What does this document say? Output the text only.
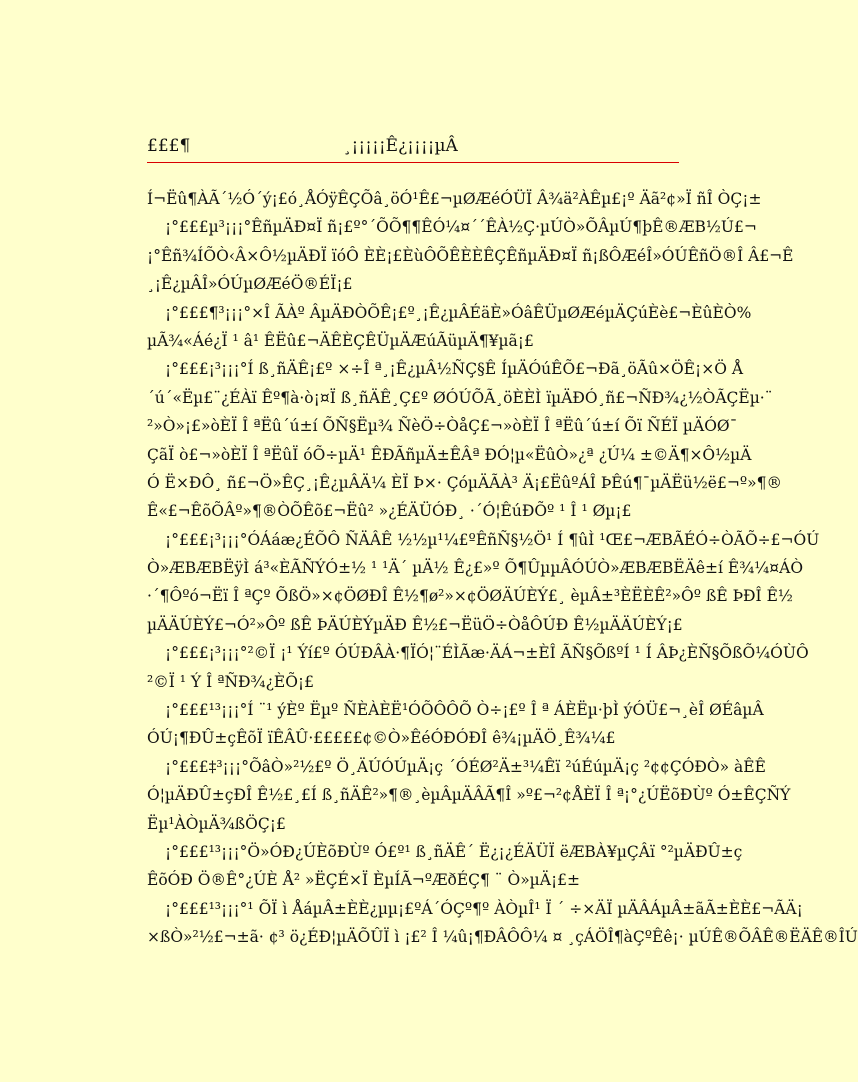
£££¶	¸¡¡¡¡¡Ê¿¡¡¡¡µÂ
Í¬Ëû¶ÀÃ´½Ó´ý¡£ó¸ÅÓÿÊÇÕâ¸öÓ¹Ê£¬µØÆéÓÜÏ Â¾ä²ÀÊµ£¡º Äã²¢»Ï ñÎ ÒÇ¡±
¡°£££µ³¡¡¡°ÊñµÄÐ¤Ï ñ¡£º°´ÕÕ¶¶ÊÓ¼¤´´ÊÀ½Ç·µÚÒ»ÕÂµÚ¶þÊ®ÆB½Ú£¬
¡°Êñ¾ÍÕÒ‹Â×Ô½µÄÐÏ ïóÔ ÈÈ¡£ÈùÔÕÊÈÈÊÇÊñµÄÐ¤Ï ñ¡ßÔÆéÎ»ÓÚÊñÖ®Î Â£¬Ê
¸¡Ê¿µÂÎ»ÓÚµØÆéÖ®ÉÏ¡£
¡°£££¶³¡¡¡°×Î ÃÀº ÂµÄÐÒÕÊ¡£º¸¡Ê¿µÂÉäÈ»ÓâÊÜµØÆéµÄÇúÈè£¬ÈûÈÒ%
µÃ¾«Áé¿Ï ¹ â¹ ÊËû£¬ÄÊÈÇÊÜµÄÆúÃüµÄ¶¥µã¡£
¡°£££¡³¡¡¡°Í ß¸ñÄÊ¡£º ×÷Î ª¸¡Ê¿µÂ½ÑÇ§Ê ÍµÄÓúÊÕ£¬Ðã¸öÃû×ÖÊ¡×Ö Å
´ú´«Ëµ£¨¿ÉÀï Êº¶à·ò¡¤Ï ß¸ñÄÊ¸Ç£º ØÓÚÕÃ¸öÈÈÌ ïµÄÐÓ¸ñ£¬ÑÐ¾¿½ÒÃÇËµ·¨
²»Ò»¡£»òÈÏ Î ªËû´ú±í ÕÑ§Ëµ¾ ÑèÖ÷ÒåÇ£¬»òÈÏ Î ªËû´ú±í Õï ÑÉÏ µÄÓØ¯
ÇãÏ ò£¬»òÈÏ Î ªËûÏ óÕ÷µÄ¹ ÊÐÃñµÄ±ÊÂª ÐÓ¦µ«ËûÒ»¿ª ¿Ú¼ ±©Ä¶×Ô½µÄ
Ó Ë×ÐÔ¸ ñ£¬Ö»ÊÇ¸¡Ê¿µÂÄ¼ ÈÏ Þ×· ÇóµÄÃÀ³ Ä¡£ËûºÁÎ ÞÊú¶¯µÄËü½ë£¬º»¶®
Ê«£¬ÊõÕÂº»¶®ÒÕÊõ£¬Ëû² »¿ÉÄÜÓÐ¸ ·´Ó¦ÊúÐÕº ¹ Î ¹ Øµ¡£
¡°£££¡³¡¡¡°ÓÁáæ¿ÉÕÔ ÑÄÂÊ ½½µ¹¼£ºÊñÑ§½Ö¹ Í ¶ûÌ ¹Œ£¬ÆBÃÉÓ÷ÒÃÕ÷£¬ÓÚ
Ò»ÆBÆBËÿÌ á³«ÈÃÑÝÓ±½ ¹ ¹Ä´ µÄ½ Ê¿£»º Õ¶ÛµµÂÓÚÒ»ÆBÆBËÄê±í Ê¾¼¤ÁÒ
·´¶Ôºó¬Ëï Î ªÇº ÕßÖ»×¢ÖØÐÎ Ê½¶ø²»×¢ÖØÄÚÈÝ£¸ èµÂ±³ÈËÈÊ²»Ôº ßÊ ÞÐÎ Ê½
µÄÄÚÈÝ£¬Ó²»Ôº ßÊ ÞÄÚÈÝµÄÐ Ê½£¬ËüÖ÷ÒåÔÚÐ Ê½µÄÄÚÈÝ¡£
¡°£££¡³¡¡¡°²©Ï ¡¹ Ýí£º ÓÚÐÂÀ·¶ÏÓ¦¨ÉÌÃæ·ÄÁ¬±ÈÎ ÃÑ§ÕßºÍ ¹ Í ÂÞ¿ÈÑ§ÕßÕ¼ÓÙÔ
²©Ï ¹ Ý Î ªÑÐ¾¿ÈÕ¡£
¡°£££¹³¡¡¡°Í ¨¹ ýÈº Ëµº ÑÈÀÈË¹ÓÕÔÔÕ Ò÷¡£º Î ª ÁÈËµ·þÌ ýÓÜ£¬¸èÎ ØÉâµÂ
ÓÚ¡¶ÐÛ±çÊõÏ ïÊÂÛ·£££££¢©Ò»ÊéÓÐÓÐÎ ê¾¡µÄÖ¸Ê¾¼£
¡°£££‡³¡¡¡°ÕâÒ»²½£º Ö¸ÄÚÓÚµÄ¡ç ´ÓÉØ²Ä±³¼Êï ²úÉúµÄ¡ç ²¢¢ÇÓÐÒ» àÊÊ
Ó¦µÄÐÛ±çÐÎ Ê½£¸£Í ß¸ñÄÊ²»¶®¸èµÂµÄÂÃ¶Î »º£¬²¢ÅÈÏ Î ª¡°¿ÚËõÐÙº Ó±ÊÇÑÝ
Ëµ¹ÀÒµÄ¾ßÖÇ¡£
¡°£££¹³¡¡¡°Ö»ÓÐ¿ÚÈõÐÙº Ó£º¹ ß¸ñÄÊ´ Ë¿¡¿ÉÄÜÏ ëÆBÀ¥µÇÂï °²µÄÐÛ±ç
ÊõÓÐ Ö®Ê°¿ÚÈ Å² »ËÇÉ×Ï ÈµÍÃ¬ºÆðÉÇ¶ ¨ Ò»µÄ¡£±
¡°£££¹³¡¡¡°¹ ÕÏ ì ÅáµÂ±ÈÈ¿µµ¡£ºÁ´ÓÇº¶º ÀÒµÎ¹ Ï ´ ÷×ÄÏ µÄÂÁµÂ±ãÃ±ÈÈ£¬ÃÄ¡
×ßÒ»²½£¬±ã· ¢³ ö¿ÉÐ¦µÄÕÛÏ ì ¡£² Î ¼û¡¶ÐÂÔÔ¼ ¤ ¸çÁÖÎ¶àÇºÊê¡· µÚÊ®ÕÂÊ®ËÄÊ®ÎÚ
